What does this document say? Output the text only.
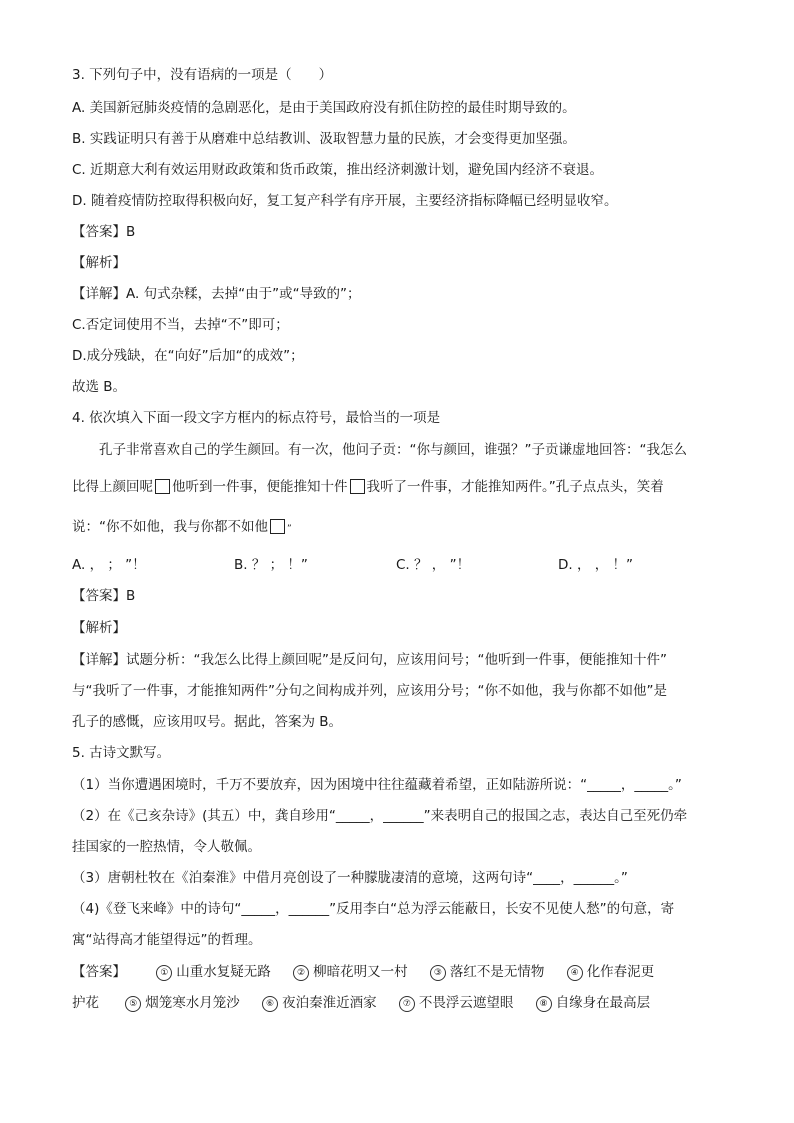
3. 下列句子中，没有语病的一项是（　　）
A. 美国新冠肺炎疫情的急剧恶化，是由于美国政府没有抓住防控的最佳时期导致的。
B. 实践证明只有善于从磨难中总结教训、汲取智慧力量的民族，才会变得更加坚强。
C. 近期意大利有效运用财政政策和货币政策，推出经济刺激计划，避免国内经济不衰退。
D. 随着疫情防控取得积极向好，复工复产科学有序开展，主要经济指标降幅已经明显收窄。
【答案】B
【解析】
【详解】A. 句式杂糅，去掉“由于”或“导致的”；
C.否定词使用不当，去掉“不”即可；
D.成分残缺，在“向好”后加“的成效”；
故选 B。
4. 依次填入下面一段文字方框内的标点符号，最恰当的一项是
孔子非常喜欢自己的学生颜回。有一次，他问子贡：“你与颜回，谁强？”子贡谦虚地回答：“我怎么
比得上颜回呢 他听到一件事，便能推知十件 我听了一件事，才能推知两件。”孔子点点头，笑着
说：“你不如他，我与你都不如他 ”
A. ， ； ”！	B. ？ ； ！”	C. ？ ， ”！	D. ， ， ！”
【答案】B
【解析】
【详解】试题分析：“我怎么比得上颜回呢”是反问句，应该用问号；“他听到一件事，便能推知十件”
与“我听了一件事，才能推知两件”分句之间构成并列，应该用分号；“你不如他，我与你都不如他”是
孔子的感慨，应该用叹号。据此，答案为 B。
5. 古诗文默写。
（1）当你遭遇困境时，千万不要放弃，因为困境中往往蕴藏着希望，正如陆游所说：“_____，_____。”
（2）在《己亥杂诗》(其五）中，龚自珍用“_____，______”来表明自己的报国之志，表达自己至死仍牵
挂国家的一腔热情，令人敬佩。
（3）唐朝杜牧在《泊秦淮》中借月亮创设了一种朦胧凄清的意境，这两句诗“____，______。”
（4)《登飞来峰》中的诗句“_____，______”反用李白“总为浮云能蔽日，长安不见使人愁”的句意，寄
寓“站得高才能望得远”的哲理。
【答案】	① 山重水复疑无路	② 柳暗花明又一村	③ 落红不是无情物	④ 化作春泥更
护花	⑤ 烟笼寒水月笼沙	⑥ 夜泊秦淮近酒家	⑦ 不畏浮云遮望眼	⑧ 自缘身在最高层
